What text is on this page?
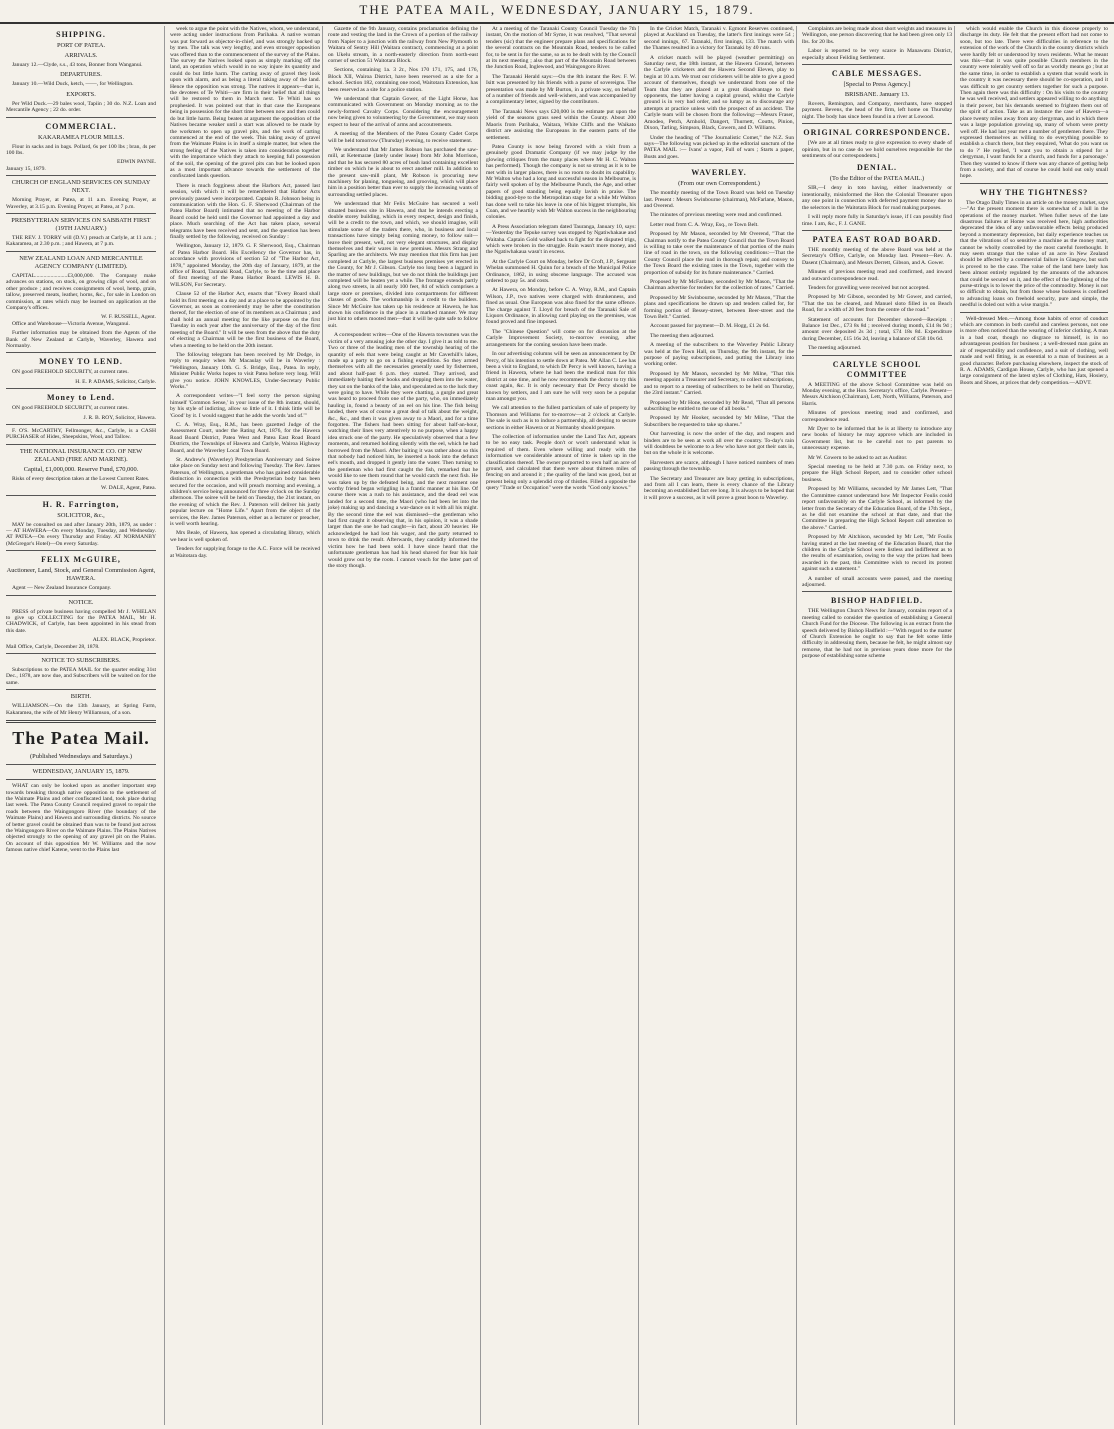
THE PATEA MAIL, WEDNESDAY, JANUARY 15, 1879.
SHIPPING.
PORT OF PATEA.
ARRIVALS.

January 12.—Clyde, s.s., 43 tons, Bonner from Wanganui.

DEPARTURES.

January 10.—Wild Duck, ketch, ——, for Wellington.

EXPORTS.

Per Wild Duck.—29 bales wool, Tapiin ; 30 do. N.Z. Loan and Mercantile Agency ; 22 do. order.

COMMERCIAL.
KAKARAMEA FLOUR MILLS.

Flour in sacks and in bags. Pollard, 6s per 100 lbs ; bran, 4s per 100 lbs.

EDWIN PAYNE.
January 15, 1879.
CHURCH OF ENGLAND SERVICES ON SUNDAY NEXT.

Morning Prayer, at Patea, at 11 a.m. Evening Prayer, at Waverley, at 3.15 p.m. Evening Prayer, at Patea, at 7 p.m.

PRESBYTERIAN SERVICES ON SABBATH FIRST (19TH JANUARY.)

THE REV. J. TORRY will (D.V.) preach at Carlyle, at 11 a.m. ; Kakaramea, at 2.30 p.m. ; and Hawera, at 7 p.m.

NEW ZEALAND LOAN AND MERCANTILE AGENCY COMPANY (LIMITED).

CAPITAL.......................£3,000,000. The Company make advances on stations, on stock, on growing clips of wool, and on other produce ; and receives consignments of wool, hemp, grain, tallow, preserved meats, leather, horns, &c., for sale in London on commission, at rates which may be learned on application at the Company's offices.

W. F. RUSSELL, Agent.

Office and Warehouse—Victoria Avenue, Wanganui.

Further information may be obtained from the Agents of the Bank of New Zealand at Carlyle, Waverley, Hawera and Normanby.

MONEY TO LEND.

ON good FREEHOLD SECURITY, at current rates.

H. E. P. ADAMS, Solicitor, Carlyle.
Money to Lend.

ON good FREEHOLD SECURITY, at current rates.

J. R. B. ROY, Solicitor, Hawera.

F. O'S. McCARTHY, Fellmonger, &c., Carlyle, is a CASH PURCHASER of Hides, Sheepskins, Wool, and Tallow.

THE NATIONAL INSURANCE CO. OF NEW ZEALAND (FIRE AND MARINE).
Capital, £1,000,000. Reserve Fund, £70,000.

Risks of every description taken at the Lowest Current Rates.

W. DALE, Agent, Patea.
H. R. Farrington,
SOLICITOR, &c.,

MAY be consulted on and after January 20th, 1879, as under :— AT HAWERA—On every Monday, Tuesday, and Wednesday. AT PATEA—On every Thursday and Friday. AT NORMANBY (McGregor's Hotel)—On every Saturday.

FELIX McGUIRE,
Auctioneer, Land, Stock, and General Commission Agent, HAWERA.

Agent — New Zealand Insurance Company.

NOTICE.

PRESS of private business having compelled Mr J. WHELAN to give up COLLECTING for the PATEA MAIL, Mr H. CHADWICK, of Carlyle, has been appointed in his stead from this date.

ALEX. BLACK, Proprietor.
Mail Office, Carlyle, December 28, 1878.
NOTICE TO SUBSCRIBERS.

Subscriptions to the PATEA MAIL for the quarter ending 31st Dec., 1878, are now due, and Subscribers will be waited on for the same.

BIRTH.

WILLIAMSON.—On the 13th January, at Spring Farm, Kakaramea, the wife of Mr Henry Williamson, of a son.

The Patea Mail.
(Published Wednesdays and Saturdays.)
WEDNESDAY, JANUARY 15, 1879.

WHAT can only be looked upon as another important step towards breaking through native opposition to the settlement of the Waimate Plains and other confiscated land, took place during last week. The Patea County Council required gravel to repair the roads between the Waingongoro River (the boundary of the Waimate Plains) and Hawera and surrounding districts. No source of better gravel could be obtained than was to be found just across the Waingongoro River on the Waimate Plains. The Plains Natives objected strongly to the opening of any gravel pit on the Plains. On account of this opposition Mr W. Williams and the now famous native chief Katene, went to the Plains last

week to argue the point with the Natives, whom, we understand, were acting under instructions from Parihaka. A native woman was put forward as objector-in-chief, and was strongly backed up by men. The talk was very lengthy, and even stronger opposition was offered than to the commencement of the survey of the Plains. The survey the Natives looked upon as simply marking off the land, an operation which would in no way injure its quantity and could do but little harm. The carting away of gravel they look upon with alarm, and as being a literal taking away of the land. Hence the opposition was strong. The natives it appears—that is, the devotees of Te Whiti—are firm in their belief that all things will be restored to them in March next. Te Whiti has so prophesied. It was pointed out that in that case the Europeans being in possession for the short time between now and then could do but little harm. Being beaten at argument the opposition of the Natives became weaker until a start was allowed to be made by the workmen to open up gravel pits, and the work of carting commenced at the end of the week. This taking away of gravel from the Waimate Plains is in itself a simple matter, but when the strong feeling of the Natives is taken into consideration together with the importance which they attach to keeping full possession of the soil, the opening of the gravel pits can but be looked upon as a most important advance towards the settlement of the confiscated lands question.

There is much fogginess about the Harbors Act, passed last session, with which it will be remembered that Harbor Acts previously passed were incorporated. Captain R. Johnson being in communication with the Hon. G. F. Sherwood (Chairman of the Patea Harbor Board) intimated that no meeting of the Harbor Board could be held until the Governor had appointed a day and place. Much searching of the Act has taken place, several telegrams have been received and sent, and the question has been finally settled by the following, received on Sunday :

Wellington, January 12, 1879. G. F. Sherwood, Esq., Chairman of Patea Harbor Board. His Excellency the Governor has, in accordance with provisions of section 52 of "The Harbor Act, 1878," appointed Monday, the 20th day of January, 1879, at the office of Board, Taranaki Road, Carlyle, to be the time and place of first meeting of the Patea Harbor Board. LEWIS H. B. WILSON, For Secretary.

Clause 52 of the Harbor Act, enacts that "Every Board shall hold its first meeting on a day and at a place to be appointed by the Governor, as soon as conveniently may be after the constitution thereof, for the election of one of its members as a Chairman ; and shall hold an annual meeting for the like purpose on the first Tuesday in each year after the anniversary of the day of the first meeting of the Board." It will be seen from the above that the duty of electing a Chairman will be the first business of the Board, when a meeting to be held on the 20th instant.

The following telegram has been received by Mr Dodge, in reply to enquiry when Mr Macaulay will be in Waverley : "Wellington, January 10th. G. S. Bridge, Esq., Patea. In reply, Minister Public Works hopes to visit Patea before very long. Will give you notice. JOHN KNOWLES, Under-Secretary Public Works."

A correspondent writes—"I feel sorry the person signing himself 'Common Sense,' in your issue of the 8th instant, should, by his style of indicting, allow so little of it. I think little will be 'Good' by it. I would suggest that he adds the words 'and of.'"

C. A. Wray, Esq., R.M., has been gazetted Judge of the Assessment Court, under the Rating Act, 1876, for the Hawera Road Board District, Patea West and Patea East Road Board Districts, the Townships of Hawera and Carlyle, Wairoa Highway Board, and the Waverley Local Town Board.

St. Andrew's (Waverley) Presbyterian Anniversary and Soiree take place on Sunday next and following Tuesday. The Rev. James Paterson, of Wellington, a gentleman who has gained considerable distinction in connection with the Presbyterian body has been secured for the occasion, and will preach morning and evening, a children's service being announced for three o'clock on the Sunday afternoon. The soiree will be held on Tuesday, the 21st instant, on the evening of which the Rev. J. Paterson will deliver his justly popular lecture on "Home Life." Apart from the object of the services, the Rev. James Paterson, either as a lecturer or preacher, is well worth hearing.

Mrs Beale, of Hawera, has opened a circulating library, which we hear is well spoken of.

Tenders for supplying forage to the A.C. Force will be received at Waitotara day.

Gazette of the 9th January, contains proclamation defining the route and vesting the land in the Crown of a portion of the railway from Napier to a junction with the railway from New Plymouth to Waitara of Sentry Hill (Waitara contract), commencing at a point on Ukelu stream, in a north-easterly direction from north-east corner of section 51 Waitotara Block.

Sections, containing 1a. 3 2r., Nos 170 171, 175, and 176, Block XII, Wairoa District, have been reserved as a site for a school. Section 182, containing one rood, Waitotara Extension, has been reserved as a site for a police station.

We understand that Captain Gower, of the Light Horse, has communicated with Government on Monday morning as to the newly-formed Cavalry Corps. Considering the encouragement now being given to volunteering by the Government, we may soon expect to hear of the arrival of arms and accoutrements.

A meeting of the Members of the Patea County Cadet Corps will be held tomorrow (Thursday) evening, to receive statement.

We understand that Mr James Robson has purchased the saw-mill, at Ketemarae (lately under lease) from Mr John Morrison, and that he has secured 80 acres of bush land containing excellent timber on which he is about to erect another mill. In addition to the present saw-mill plant, Mr Robson is procuring new machinery for planing, tongueing, and grooving, which will place him in a position better than ever to supply the increasing wants of surrounding settled places.

We understand that Mr Felix McGuire has secured a well situated business site in Hawera, and that he intends erecting a double storey building, which in every respect, design and finish, will be a credit to the town, and which, we should imagine, will stimulate some of the traders there, who, in business and local transactions have simply being coming money, to follow suit—leave their present, well, not very elegant structures, and display themselves and their wares in new premises. Messrs Strang and Sparling are the architects. We may mention that this firm has just completed at Carlyle, the largest business premises yet erected in the County, for Mr J. Gibson. Carlyle too long been a laggard in the matter of new buildings, but we do not think the buildings just completed will be beaten yet a while. The frontage extends partly along two streets, in all nearly 100 feet, 84 of which comprises a large store or premises, divided into compartments for different classes of goods. The workmanship is a credit to the builders. Since Mr McGuire has taken up his residence at Hawera, he has shown his confidence in the place in a marked manner. We may just hint to others mooted men—that it will be quite safe to follow suit.

A correspondent writes—One of the Hawera townsmen was the victim of a very amusing joke the other day. I give it as told to me. Two or three of the leading men of the township hearing of the quantity of eels that were being caught at Mr Caverhill's lakes, made up a party to go on a fishing expedition. So they armed themselves with all the necessaries generally used by fishermen, and about half-past 6 p.m. they started. They arrived, and immediately baiting their hooks and dropping them into the water, they sat on the banks of the lake, and speculated as to the luck they were going to have. While they were chatting, a gurgle and great was heard to proceed from one of the party, who, on immediately hauling in, found a beauty of an eel on his line. The fish being landed, there was of course a great deal of talk about the weight, &c., &c., and then it was given away to a Maori, and for a time forgotten. The fishers had been sitting for about half-an-hour, watching their lines very attentively to no purpose, when a happy idea struck one of the party. He speculatively observed that a few moments, and returned holding silently with the eel, which he had borrowed from the Maori. After baiting it was rather about so this that nobody had noticed him, he inserted a hook into the defunct eel's mouth, and dropped it gently into the water. Then turning to the gentleman who had first caught the fish, remarked that he would like to see them round that he would catch the next fish. He was taken up by the defeated being, and the next moment one worthy friend began wriggling in a frantic manner at his line. Of course there was a rush to his assistance, and the dead eel was landed for a second time, the Maori (who had been let into the joke) making up and dancing a war-dance on it with all his might. By the second time the eel was dismissed—the gentleman who had first caught it observing that, in his opinion, it was a shade larger than the one he had caught—in fact, about 20 heavier. He acknowledged he had lost his wager, and the party returned to town to drink the result. Afterwards, they candidly informed the victim how he had been sold. I have since heard that the unfortunate gentleman has had his head shaved for fear his hair would grow out by the roots. I cannot vouch for the latter part of the story though.

At a meeting of the Taranaki County Council Tuesday the 7th instant, On the motion of Mr Syme, it was resolved, "That several tenders (sic) that the engineer prepare plans and specifications for the several contracts on the Mountain Road, tenders to be called for, to be sent in for the same, so as to be dealt with by the Council at its next meeting ; also that part of the Mountain Road between the Junction Road, Inglewood, and Waingongoro River.

The Taranaki Herald says:—On the 8th instant the Rev. F. W. Isitt was presented by his friends with a purse of sovereigns. The presentation was made by Mr Burton, in a private way, on behalf of a number of friends and well-wishers, and was accompanied by a complimentary letter, signed by the contributors.

The Taranaki News says £20,000 is the estimate put upon the yield of the seasons grass seed within the County. About 200 Maoris from Parihaka, Waitara, White Cliffs and the Waikato district are assisting the Europeans in the eastern parts of the settlement.

Patea County is now being favored with a visit from a genuinely good Dramatic Company (if we may judge by the glowing critiques from the many places where Mr H. C. Walton has performed). Though the company is not so strong as it is to be met with in larger places, there is no room to doubt its capability. Mr Walton who had a long and successful season in Melbourne, is fairly well spoken of by the Melbourne Punch, the Age, and other papers of good standing being equally lavish in praise. The bidding good-bye to the Metropolitan stage for a while Mr Walton has done well to take his leave in one of his biggest triumphs, his Coan, and we heartily wish Mr Walton success in the neighbouring colonies.

A Press Association telegram dated Tauranga, January 10, says:—Yesterday the Tepuke survey was stopped by Ngatiwhakaue and Waitaha. Captain Gold walked back to fight for the disputed trigs, which were broken in the struggle. Ruin wasn't more money, and the Ngatiwhakaua wasn't in excess.

At the Carlyle Court on Monday, before Dr Croft, J.P., Sergeant Whelan summoned H. Quinn for a breach of the Municipal Police Ordinance, 1862, in using obscene language. The accused was ordered to pay 5s. and costs.

At Hawera, on Monday, before C. A. Wray, R.M., and Captain Wilson, J.P., two natives were charged with drunkenness, and fined as usual. One European was also fined for the same offence. The charge against T. Lloyd for breach of the Taranaki Sale of Liquors Ordinance, in allowing card playing on the premises, was found proved and fine imposed.

The "Chinese Question" will come on for discussion at the Carlyle Improvement Society, to-morrow evening, after arrangements for the coming session have been made.

In our advertising columns will be seen an announcement by Dr Percy, of his intention to settle down at Patea. Mr Allan C. Lee has been a visit to England, to which Dr Percy is well known, having a friend in Hawera, where he had been the medical man for this district at one time, and he now recommends the doctor to try this coast again, &c. It is only necessary that Dr Percy should be known by settlers, and I am sure he will very soon be a popular man amongst you.

We call attention to the fullest particulars of sale of property by Thomson and Williams for to-morrow—at 2 o'clock at Carlyle. The sale is such as is to induce a partnership, all desiring to secure sections in either Hawera or at Normanby should prepare.

The collection of information under the Land Tax Act, appears to be no easy task. People don't or won't understand what is required of them. Even where willing and ready with the information we considerable amount of time is taken up in the classification thereof. The owner purported to own half an acre of ground, and calculated that there were about thirteen miles of fencing on and around it ; the quality of the land was good, but at present being only a splendid crop of thistles. Filled a opposite the query "Trade or Occupation" were the words "God only knows."

In the Cricket Match, Taranaki v. Egmont Reserves continued, played at Auckland on Tuesday, the latter's first innings were 54 ; second innings, 67. Taranaki, first innings, 133. The match with the Thames resulted in a victory for Taranaki by 40 runs.

A cricket match will be played (weather permitting) on Saturday next, the 18th instant, at the Hawera Ground, between the Carlyle cricketers and the Hawera Second Eleven, play to begin at 10 a.m. We trust our cricketers will be able to give a good account of themselves, though we understand from one of the Team that they are placed at a great disadvantage to their opponents, the latter having a capital ground, whilst the Carlyle ground is in very bad order, and so lumpy as to discourage any attempts at practice unless with the prospect of an accident. The Carlyle team will be chosen from the following:—Messrs Fraser, Amodeo, Petch, Arnhold, Dangert, Thurnett, Coutts, Pinion, Dixon, Tarling, Simpson, Black, Cowern, and D. Williams.

Under the heading of "The Journalistic Comet," the N.Z. Sun says—The following was picked up in the editorial sanctum of the PATEA MAIL :— Ivans' a vapor, Full of wars ; Starts a paper, Busts and goes.

WAVERLEY.
(From our own Correspondent.)

The monthly meeting of the Town Board was held on Tuesday last. Present : Messrs Swinbourne (chairman), McFarlane, Mason, and Overend.

The minutes of previous meeting were read and confirmed.

Letter read from C. A. Wray, Esq., re Town Belt.

Proposed by Mr Mason, seconded by Mr Overend, "That the Chairman notify to the Patea County Council that the Town Board is willing to take over the maintenance of that portion of the main line of road in the town, on the following conditions:—That the County Council place the road in thorough repair, and convey to the Town Board the existing rates in the Town, together with the proportion of subsidy for its future maintenance." Carried.

Proposed by Mr McFarlane, seconded by Mr Mason, "That the Chairman advertise for tenders for the collection of rates." Carried.

Proposed by Mr Swinbourne, seconded by Mr Mason, "That the plans and specifications be drawn up and tenders called for, for forming portion of Bessey-street, between Beer-street and the Town Belt." Carried.

Account passed for payment—D. M. Hogg, £1 2s 6d.

The meeting then adjourned.

A meeting of the subscribers to the Waverley Public Library was held at the Town Hall, on Thursday, the 9th instant, for the purpose of paying subscriptions, and putting the Library into working order.

Proposed by Mr Mason, seconded by Mr Milne, "That this meeting appoint a Treasurer and Secretary, to collect subscriptions, and to report to a meeting of subscribers to be held on Thursday, the 23rd instant." Carried.

Proposed by Mr Hone, seconded by Mr Read, "That all persons subscribing be entitled to the use of all books."

Proposed by Mr Hooker, seconded by Mr Milne, "That the Subscribers be requested to take up shares."

Our harvesting is now the order of the day, and reapers and binders are to be seen at work all over the country. To-day's rain will doubtless be welcome to a few who have not got their oats in, but on the whole it is welcome.

Harvesters are scarce, although I have noticed numbers of men passing through the township.

The Secretary and Treasurer are busy getting in subscriptions, and from all I can learn, there is every chance of the Library becoming an established fact ere long. It is always to be hoped that it will prove a success, as it will prove a great boon to Waverley.

Complaints are being made about short weights and measures in Wellington, one person discovering that he had been given only 13 lbs. for 20 lbs.

Labor is reported to be very scarce in Manawatu District, especially about Feilding Settlement.

CABLE MESSAGES.
[Special to Press Agency.]
BRISBANE. January 13.

Rovers, Remington, and Company, merchants, have stopped payment. Bevens, the head of the firm, left home on Thursday night. The body has since been found in a river at Lowood.

ORIGINAL CORRESPONDENCE.

[We are at all times ready to give expression to every shade of opinion, but in no case do we hold ourselves responsible for the sentiments of our correspondents.]

DENIAL.
(To the Editor of the PATEA MAIL.)

SIR,—I deny in toto having, either inadvertently or intentionally, misinformed the Hon the Colonial Treasurer upon any one point in connection with deferred payment money due to the selectors in the Waitotara Block for road making purposes.

I will reply more fully in Saturday's issue, if I can possibly find time. I am, &c., F. J. GANE.

PATEA EAST ROAD BOARD.

THE monthly meeting of the above Board was held at the Secretary's Office, Carlyle, on Monday last. Present—Rev. A. Dasent (Chairman), and Messrs Derrett, Gibson, and A. Gower.

Minutes of previous meeting read and confirmed, and inward and outward correspondence read.

Tenders for gravelling were received but not accepted.

Proposed by Mr Gibson, seconded by Mr Gower, and carried, "That the tax be cleared, and Manuel sloto filled in on Beach Road, for a width of 20 feet from the centre of the road."

Statement of accounts for December showed—Receipts : Balance 1st Dec., £73 8s 8d ; received during month, £14 8s 9d ; amount over deposited 2s 3d ; total, £74 18s 8d. Expenditure during December, £15 16s 2d, leaving a balance of £58 10s 6d.

The meeting adjourned.

CARLYLE SCHOOL COMMITTEE

A MEETING of the above School Committee was held on Monday evening, at the Hon. Secretary's office, Carlyle. Present—Messrs Aitchison (Chairman), Lett, North, Williams, Paterson, and Harris.

Minutes of previous meeting read and confirmed, and correspondence read.

Mr Dyer to be informed that he is at liberty to introduce any new books of history he may approve which are included in Government list, but to be careful not to put parents to unnecessary expense.

Mr W. Cowern to be asked to act as Auditor.

Special meeting to be held at 7.30 p.m. on Friday next, to prepare the High School Report, and to consider other school business.

Proposed by Mr Williams, seconded by Mr James Lett, "That the Committee cannot understand how Mr Inspector Foulis could report unfavourably on the Carlyle School, as informed by the letter from the Secretary of the Education Board, of the 17th Sept., as he did not examine the school at that date, and that the Committee in preparing the High School Report call attention to the above." Carried.

Proposed by Mr Aitchison, seconded by Mr Lett, "Mr Foulis having stated at the last meeting of the Education Board, that the children in the Carlyle School were listless and indifferent as to the results of examination, owing to the way the prizes had been awarded in the past, this Committee wish to record its protest against such a statement."

A number of small accounts were passed, and the meeting adjourned.

BISHOP HADFIELD.

THE Wellington Church News for January, contains report of a meeting called to consider the question of establishing a General Church Fund for the Diocese. The following is an extract from the speech delivered by Bishop Hadfield :—"With regard to the matter of Church Extension he ought to say that he felt some little difficulty in addressing them, because he felt, he might almost say remorse, that he had not in previous years done more for the purpose of establishing some scheme

which would enable the Church in this diocese properly to discharge its duty. He felt that the present effort had not come to soon, but too late. There were difficulties in reference to the extension of the work of the Church in the country districts which were hardly felt or understood by town residents. What he meant was this—that it was quite possible Church members in the country were tolerably well off so far as worldly means go ; but at the same time, in order to establish a system that would work in the country it was necessary there should be co-operation, and it was difficult to get country settlers together for such a purpose. Then again there was this difficulty : On his visits to the country he was well received, and settlers appeared willing to do anything in their power, but his demands seemed to frighten them out of the spirit of action. Take as an instance the case of Hawera—a place twenty miles away from any clergyman, and in which there was a large population growing up, many of whom were pretty well off. He had last year met a number of gentlemen there. They expressed themselves as willing to do everything possible to establish a church there, but they enquired, 'What do you want us to do ?' He replied, 'I want you to obtain a stipend for a clergyman, I want funds for a church, and funds for a parsonage.' Then they wanted to know if there was any chance of getting help from a society, and that of course he could hold out only small hope.

WHY THE TIGHTNESS?

The Otago Daily Times in an article on the money market, says :—"At the present moment there is somewhat of a lull in the operations of the money market. When fuller news of the late disastrous failures at Home was received here, high authorities deprecated the idea of any unfavourable effects being produced beyond a momentary depression, but daily experience teaches us that the vibrations of so sensitive a machine as the money mart, cannot be wholly controlled by the most careful forethought. It may seem strange that the value of an acre in New Zealand should be affected by a commercial failure in Glasgow, but such is proved to be the case. The value of the land here lately has been almost entirely regulated by the amounts of the advances that could be secured on it, and the effect of the tightening of the purse-strings is to lower the price of the commodity. Money is not so difficult to obtain, but from those whose business is confined to advancing loans on freehold security, pure and simple, the needful is doled out with a wise margin."

Well-dressed Men.—Among those habits of error of conduct which are common in both careful and careless persons, not one is more often noticed than the wearing of inferior clothing. A man in a bad coat, though no disgrace to himself, is in no advantageous position for business ; a well-dressed man gains an air of respectability and confidence, and a suit of clothing, well made and well fitting, is as essential to a man of business as a good character. Before purchasing elsewhere, inspect the stock of R. A. ADAMS, Cardigan House, Carlyle, who has just opened a large consignment of the latest styles of Clothing, Hats, Hosiery, Boots and Shoes, at prices that defy competition.—ADVT.
